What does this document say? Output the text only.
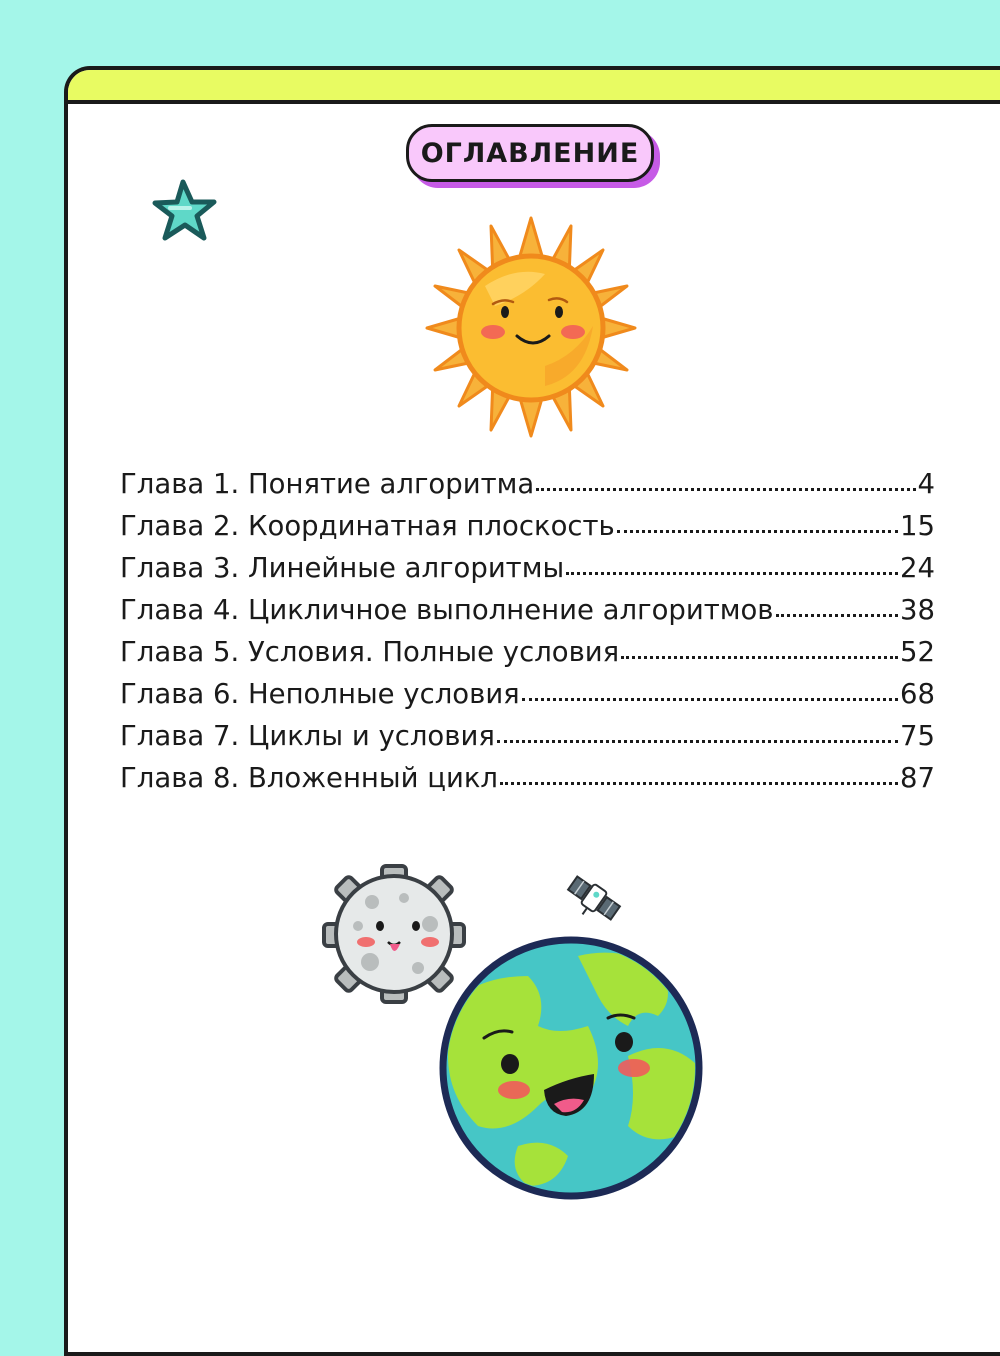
ОГЛАВЛЕНИЕ
Глава 1. Понятие алгоритма	4
Глава 2. Координатная плоскость	15
Глава 3. Линейные алгоритмы	24
Глава 4. Цикличное выполнение алгоритмов	38
Глава 5. Условия. Полные условия	52
Глава 6. Неполные условия	68
Глава 7. Циклы и условия	75
Глава 8. Вложенный цикл	87
